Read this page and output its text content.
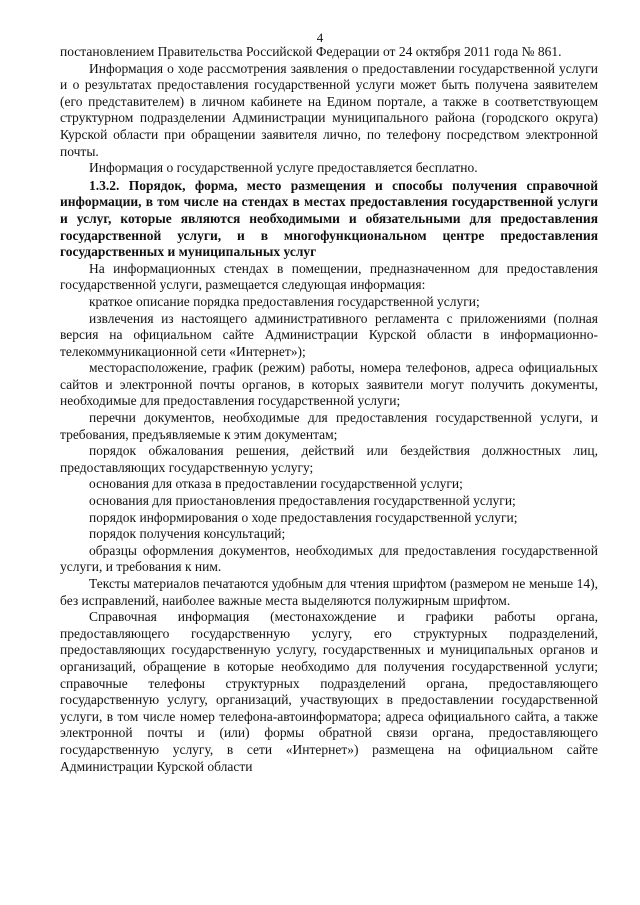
4

постановлением Правительства Российской Федерации от 24 октября 2011 года № 861.

Информация о ходе рассмотрения заявления о предоставлении государственной услуги и о результатах предоставления государственной услуги может быть получена заявителем (его представителем) в личном кабинете на Едином портале, а также в соответствующем структурном подразделении Администрации муниципального района (городского округа) Курской области при обращении заявителя лично, по телефону посредством электронной почты.

Информация о государственной услуге предоставляется бесплатно.

1.3.2. Порядок, форма, место размещения и способы получения справочной информации, в том числе на стендах в местах предоставления государственной услуги и услуг, которые являются необходимыми и обязательными для предоставления государственной услуги, и в многофункциональном центре предоставления государственных и муниципальных услуг

На информационных стендах в помещении, предназначенном для предоставления государственной услуги, размещается следующая информация:

краткое описание порядка предоставления государственной услуги;

извлечения из настоящего административного регламента с приложениями (полная версия на официальном сайте Администрации Курской области в информационно-телекоммуникационной сети «Интернет»);

месторасположение, график (режим) работы, номера телефонов, адреса официальных сайтов и электронной почты органов, в которых заявители могут получить документы, необходимые для предоставления государственной услуги;

перечни документов, необходимые для предоставления государственной услуги, и требования, предъявляемые к этим документам;

порядок обжалования решения, действий или бездействия должностных лиц, предоставляющих государственную услугу;

основания для отказа в предоставлении государственной услуги;

основания для приостановления предоставления государственной услуги;

порядок информирования о ходе предоставления государственной услуги;

порядок получения консультаций;

образцы оформления документов, необходимых для предоставления государственной услуги, и требования к ним.

Тексты материалов печатаются удобным для чтения шрифтом (размером не меньше 14), без исправлений, наиболее важные места выделяются полужирным шрифтом.

Справочная информация (местонахождение и графики работы органа, предоставляющего государственную услугу, его структурных подразделений, предоставляющих государственную услугу, государственных и муниципальных органов и организаций, обращение в которые необходимо для получения государственной услуги; справочные телефоны структурных подразделений органа, предоставляющего государственную услугу, организаций, участвующих в предоставлении государственной услуги, в том числе номер телефона-автоинформатора; адреса официального сайта, а также электронной почты и (или) формы обратной связи органа, предоставляющего государственную услугу, в сети «Интернет») размещена на официальном сайте Администрации Курской области
